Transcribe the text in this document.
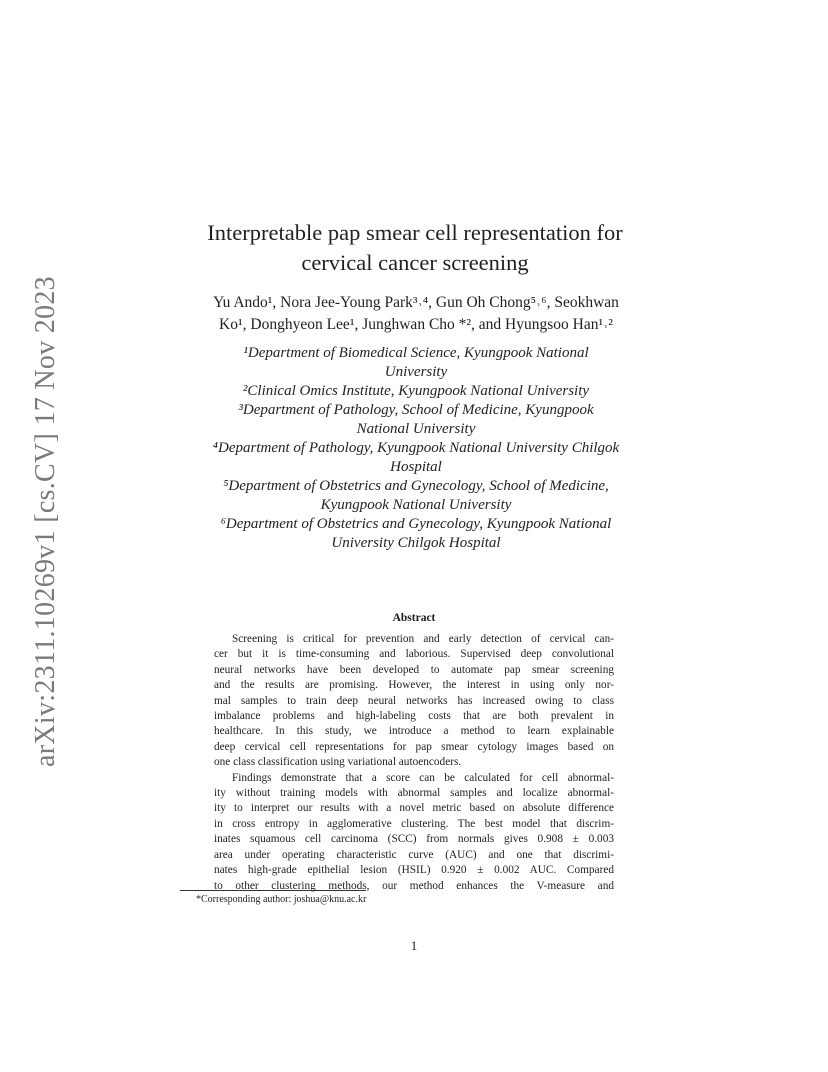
arXiv:2311.10269v1 [cs.CV] 17 Nov 2023
Interpretable pap smear cell representation for
cervical cancer screening
Yu Ando¹, Nora Jee-Young Park³˒⁴, Gun Oh Chong⁵˒⁶, Seokhwan
Ko¹, Donghyeon Lee¹, Junghwan Cho *², and Hyungsoo Han¹˒²
¹Department of Biomedical Science, Kyungpook National
University
²Clinical Omics Institute, Kyungpook National University
³Department of Pathology, School of Medicine, Kyungpook
National University
⁴Department of Pathology, Kyungpook National University Chilgok
Hospital
⁵Department of Obstetrics and Gynecology, School of Medicine,
Kyungpook National University
⁶Department of Obstetrics and Gynecology, Kyungpook National
University Chilgok Hospital
Abstract
Screening is critical for prevention and early detection of cervical can-
cer but it is time-consuming and laborious. Supervised deep convolutional
neural networks have been developed to automate pap smear screening
and the results are promising. However, the interest in using only nor-
mal samples to train deep neural networks has increased owing to class
imbalance problems and high-labeling costs that are both prevalent in
healthcare. In this study, we introduce a method to learn explainable
deep cervical cell representations for pap smear cytology images based on
one class classification using variational autoencoders.
Findings demonstrate that a score can be calculated for cell abnormal-
ity without training models with abnormal samples and localize abnormal-
ity to interpret our results with a novel metric based on absolute difference
in cross entropy in agglomerative clustering. The best model that discrim-
inates squamous cell carcinoma (SCC) from normals gives 0.908 ± 0.003
area under operating characteristic curve (AUC) and one that discrimi-
nates high-grade epithelial lesion (HSIL) 0.920 ± 0.002 AUC. Compared
to other clustering methods, our method enhances the V-measure and
*Corresponding author: joshua@knu.ac.kr
1
